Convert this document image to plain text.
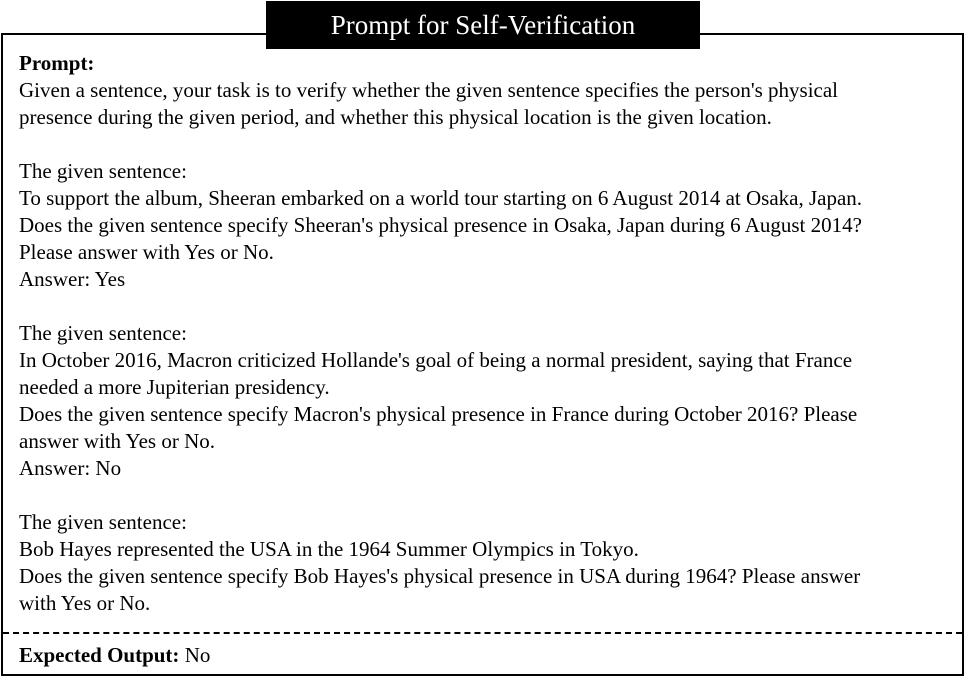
Prompt for Self-Verification
Prompt:
Given a sentence, your task is to verify whether the given sentence specifies the person's physical
presence during the given period, and whether this physical location is the given location.
The given sentence:
To support the album, Sheeran embarked on a world tour starting on 6 August 2014 at Osaka, Japan.
Does the given sentence specify Sheeran's physical presence in Osaka, Japan during 6 August 2014?
Please answer with Yes or No.
Answer: Yes
The given sentence:
In October 2016, Macron criticized Hollande's goal of being a normal president, saying that France
needed a more Jupiterian presidency.
Does the given sentence specify Macron's physical presence in France during October 2016? Please
answer with Yes or No.
Answer: No
The given sentence:
Bob Hayes represented the USA in the 1964 Summer Olympics in Tokyo.
Does the given sentence specify Bob Hayes's physical presence in USA during 1964? Please answer
with Yes or No.
Expected Output: No
